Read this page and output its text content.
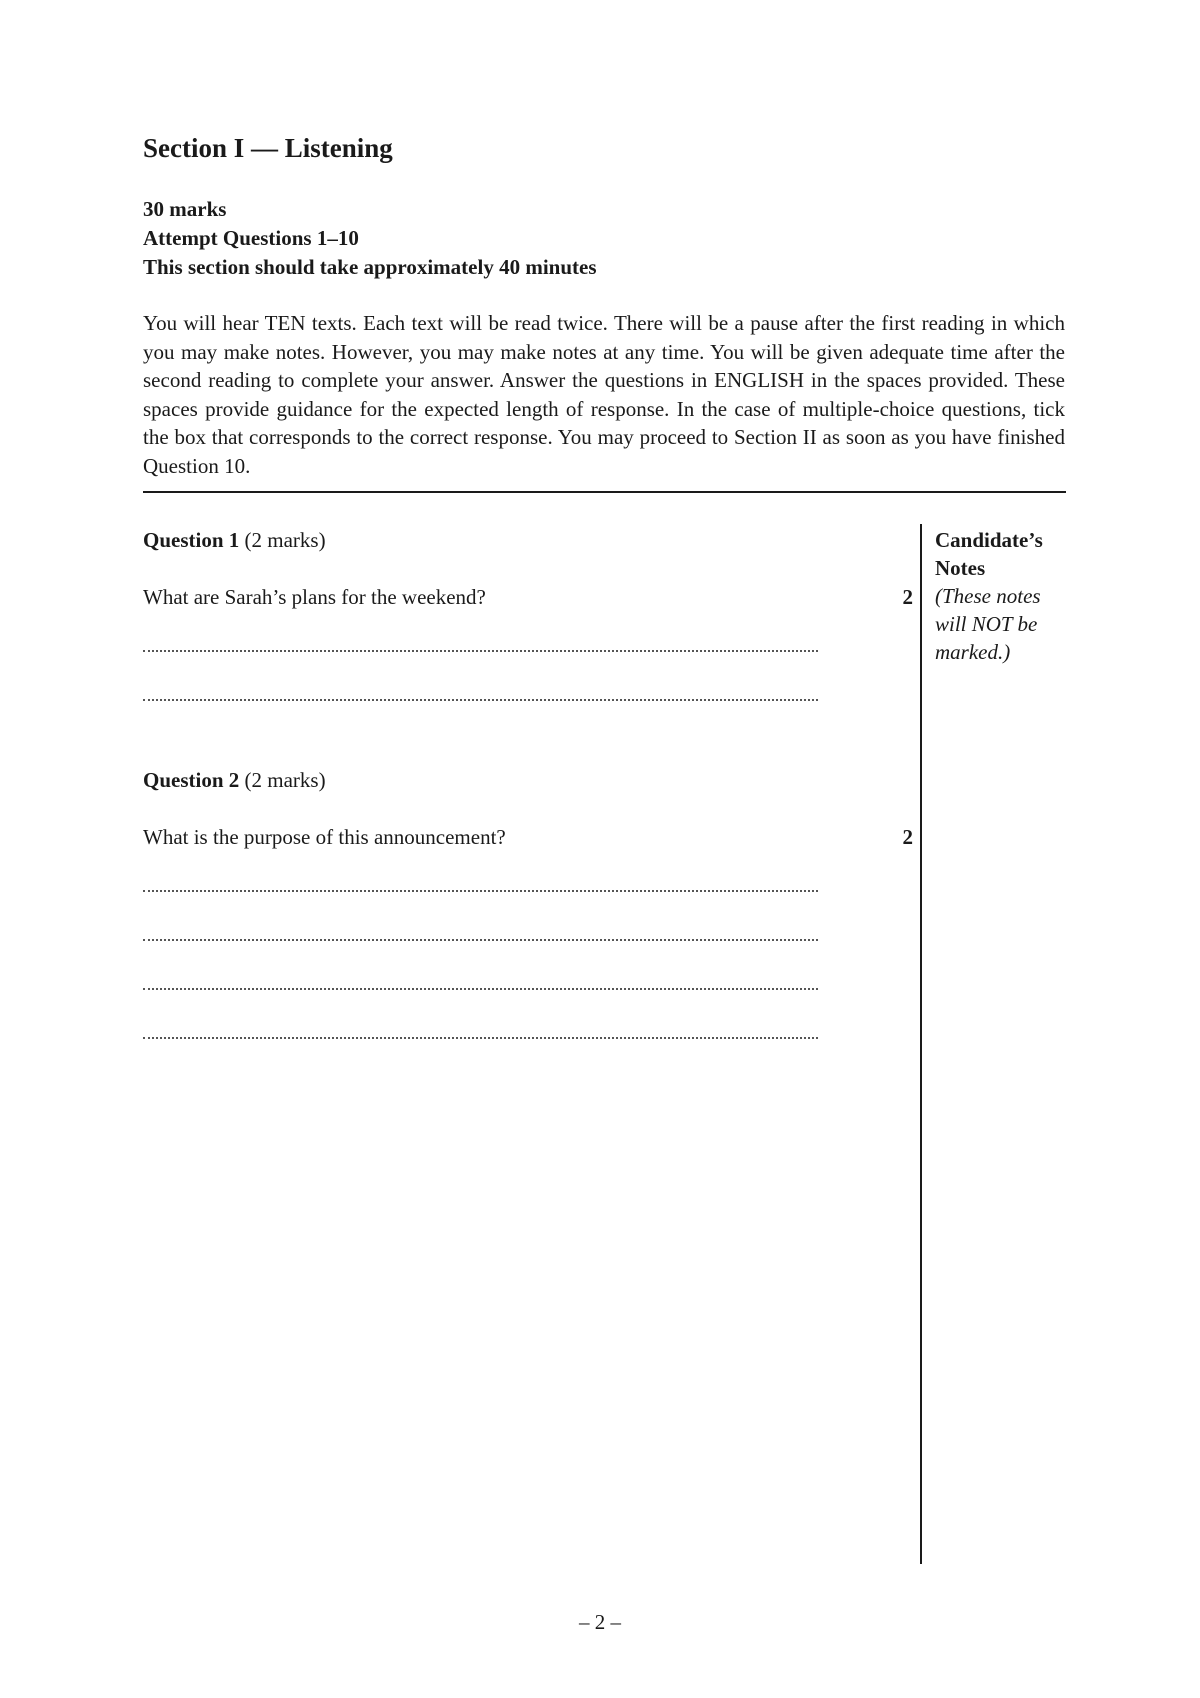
Section I — Listening
30 marks
Attempt Questions 1–10
This section should take approximately 40 minutes

You will hear TEN texts. Each text will be read twice. There will be a pause after the first reading in which you may make notes. However, you may make notes at any time. You will be given adequate time after the second reading to complete your answer. Answer the questions in ENGLISH in the spaces provided. These spaces provide guidance for the expected length of response. In the case of multiple-choice questions, tick the box that corresponds to the correct response. You may proceed to Section II as soon as you have finished Question 10.

Candidate’s
Notes
(These notes
will NOT be
marked.)
Question 1 (2 marks)
What are Sarah’s plans for the weekend?	2
Question 2 (2 marks)
What is the purpose of this announcement?	2
– 2 –
